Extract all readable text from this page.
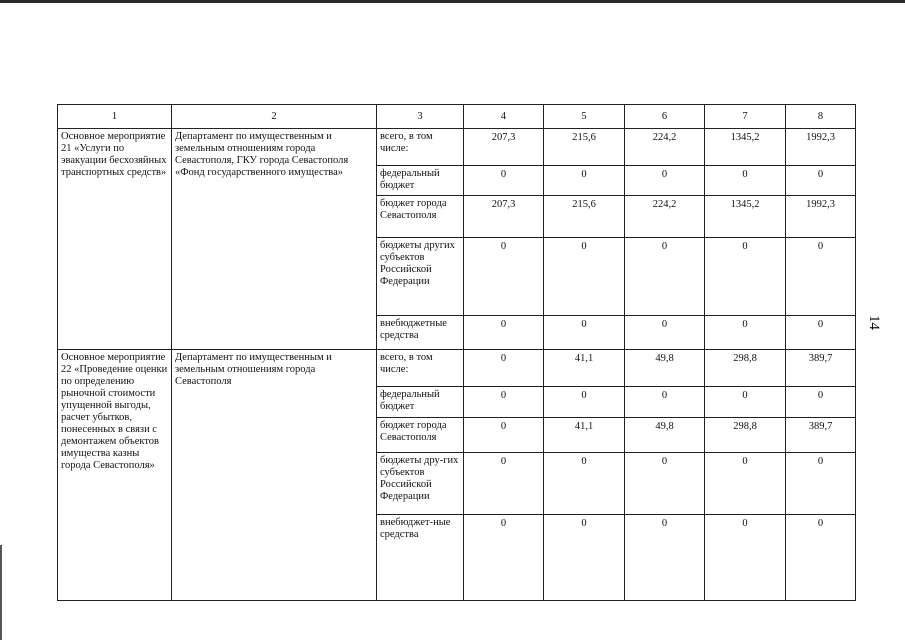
1	2	3	4	5	6	7	8
Основное мероприятие 21 «Услуги по эвакуации бесхозяйных транспортных средств»	Департамент по имущественным и земельным отношениям города Севастополя, ГКУ города Севастополя «Фонд государственного имущества»	всего, в том числе:	207,3	215,6	224,2	1345,2	1992,3
		федеральный бюджет	0	0	0	0	0
		бюджет города Севастополя	207,3	215,6	224,2	1345,2	1992,3
		бюджеты других субъектов Российской Федерации	0	0	0	0	0
		внебюджетные средства	0	0	0	0	0
Основное мероприятие 22 «Проведение оценки по определению рыночной стоимости упущенной выгоды, расчет убытков, понесенных в связи с демонтажем объектов имущества казны города Севастополя»	Департамент по имущественным и земельным отношениям города Севастополя	всего, в том числе:	0	41,1	49,8	298,8	389,7
		федеральный бюджет	0	0	0	0	0
		бюджет города Севастополя	0	41,1	49,8	298,8	389,7
		бюджеты дру-гих субъектов Российской Федерации	0	0	0	0	0
		внебюджет-ные средства	0	0	0	0	0
14
